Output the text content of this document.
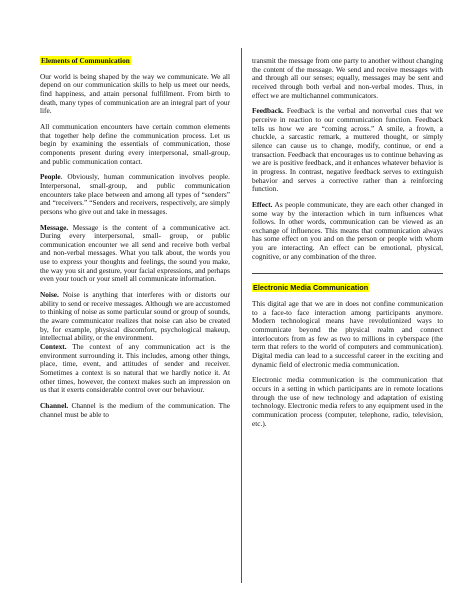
Elements of Communication

Our world is being shaped by the way we communicate. We all depend on our communication skills to help us meet our needs, find happiness, and attain personal fulfillment. From birth to death, many types of communication are an integral part of your life.

All communication encounters have certain common elements that together help define the communication process. Let us begin by examining the essentials of communication, those components present during every interpersonal, small-group, and public communication contact.

People. Obviously, human communication involves people. Interpersonal, small-group, and public communication encounters take place between and among all types of “senders” and “receivers.” “Senders and receivers, respectively, are simply persons who give out and take in messages.

Message. Message is the content of a communicative act. During every interpersonal, small- group, or public communication encounter we all send and receive both verbal and non-verbal messages. What you talk about, the words you use to express your thoughts and feelings, the sound you make, the way you sit and gesture, your facial expressions, and perhaps even your touch or your smell all communicate information.

Noise. Noise is anything that interferes with or distorts our ability to send or receive messages. Although we are accustomed to thinking of noise as some particular sound or group of sounds, the aware communicator realizes that noise can also be created by, for example, physical discomfort, psychological makeup, intellectual ability, or the environment.

Context. The context of any communication act is the environment surrounding it. This includes, among other things, place, time, event, and attitudes of sender and receiver. Sometimes a context is so natural that we hardly notice it. At other times, however, the context makes such an impression on us that it exerts considerable control over our behaviour.

Channel. Channel is the medium of the communication. The channel must be able to

transmit the message from one party to another without changing the content of the message. We send and receive messages with and through all our senses; equally, messages may be sent and received through both verbal and non-verbal modes. Thus, in effect we are multichannel communicators.

Feedback. Feedback is the verbal and nonverbal cues that we perceive in reaction to our communication function. Feedback tells us how we are “coming across.” A smile, a frown, a chuckle, a sarcastic remark, a muttered thought, or simply silence can cause us to change, modify, continue, or end a transaction. Feedback that encourages us to continue behaving as we are is positive feedback, and it enhances whatever behavior is in progress. In contrast, negative feedback serves to extinguish behavior and serves a corrective rather than a reinforcing function.

Effect. As people communicate, they are each other changed in some way by the interaction which in turn influences what follows. In other words, communication can be viewed as an exchange of influences. This means that communication always has some effect on you and on the person or people with whom you are interacting. An effect can be emotional, physical, cognitive, or any combination of the three.

Electronic Media Communication

This digital age that we are in does not confine communication to a face-to face interaction among participants anymore. Modern technological means have revolutionized ways to communicate beyond the physical realm and connect interlocutors from as few as two to millions in cyberspace (the term that refers to the world of computers and communication). Digital media can lead to a successful career in the exciting and dynamic field of electronic media communication.

Electronic media communication is the communication that occurs in a setting in which participants are in remote locations through the use of new technology and adaptation of existing technology. Electronic media refers to any equipment used in the communication process (computer, telephone, radio, television, etc.).
